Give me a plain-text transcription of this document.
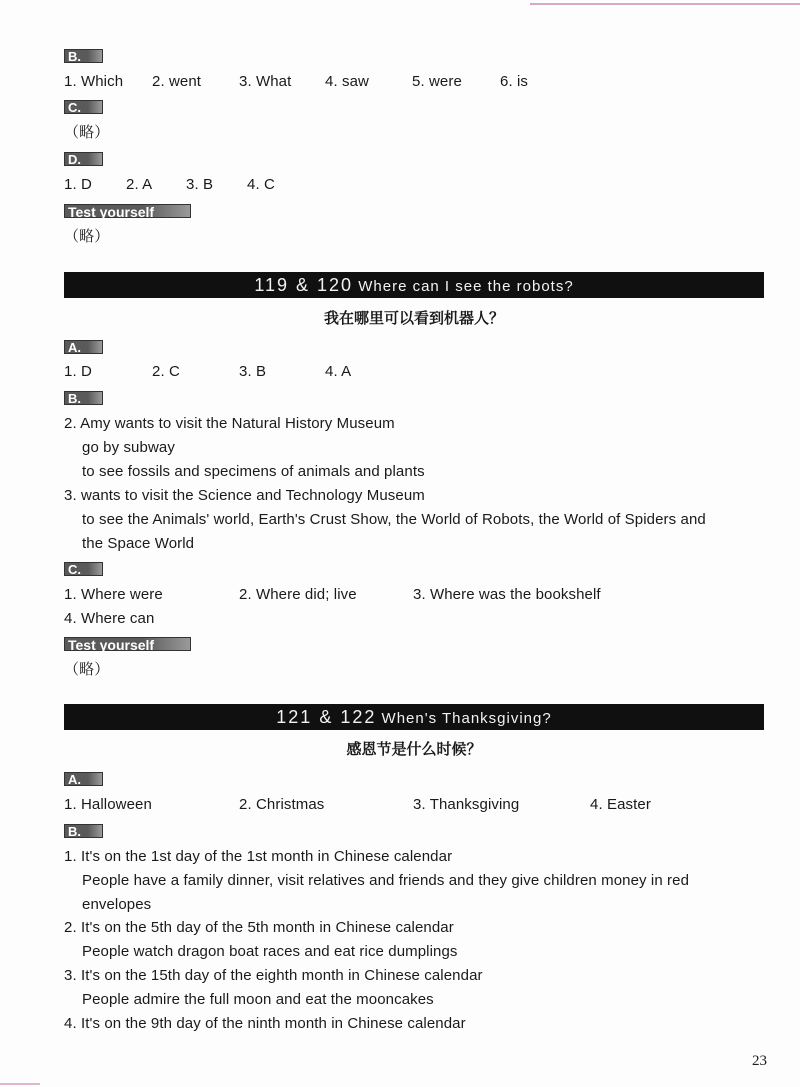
B.
1. Which 2. went	3. What 4. saw	5. were	6. is
C.
（略）
D.
1. D 2. A 3. B 4. C
Test yourself
（略）
119 & 120 Where can I see the robots?
我在哪里可以看到机器人？
A.
1. D	2. C	3. B	4. A
B.
2. Amy wants to visit the Natural History Museum
go by subway
to see fossils and specimens of animals and plants
3. wants to visit the Science and Technology Museum
to see the Animals' world, Earth's Crust Show, the World of Robots, the World of Spiders and
the Space World
C.
1. Where were	2. Where did; live	3. Where was the bookshelf
4. Where can
Test yourself
（略）
121 & 122 When's Thanksgiving?
感恩节是什么时候？
A.
1. Halloween	2. Christmas	3. Thanksgiving	4. Easter
B.
1. It's on the 1st day of the 1st month in Chinese calendar
People have a family dinner, visit relatives and friends and they give children money in red
envelopes
2. It's on the 5th day of the 5th month in Chinese calendar
People watch dragon boat races and eat rice dumplings
3. It's on the 15th day of the eighth month in Chinese calendar
People admire the full moon and eat the mooncakes
4. It's on the 9th day of the ninth month in Chinese calendar
23
